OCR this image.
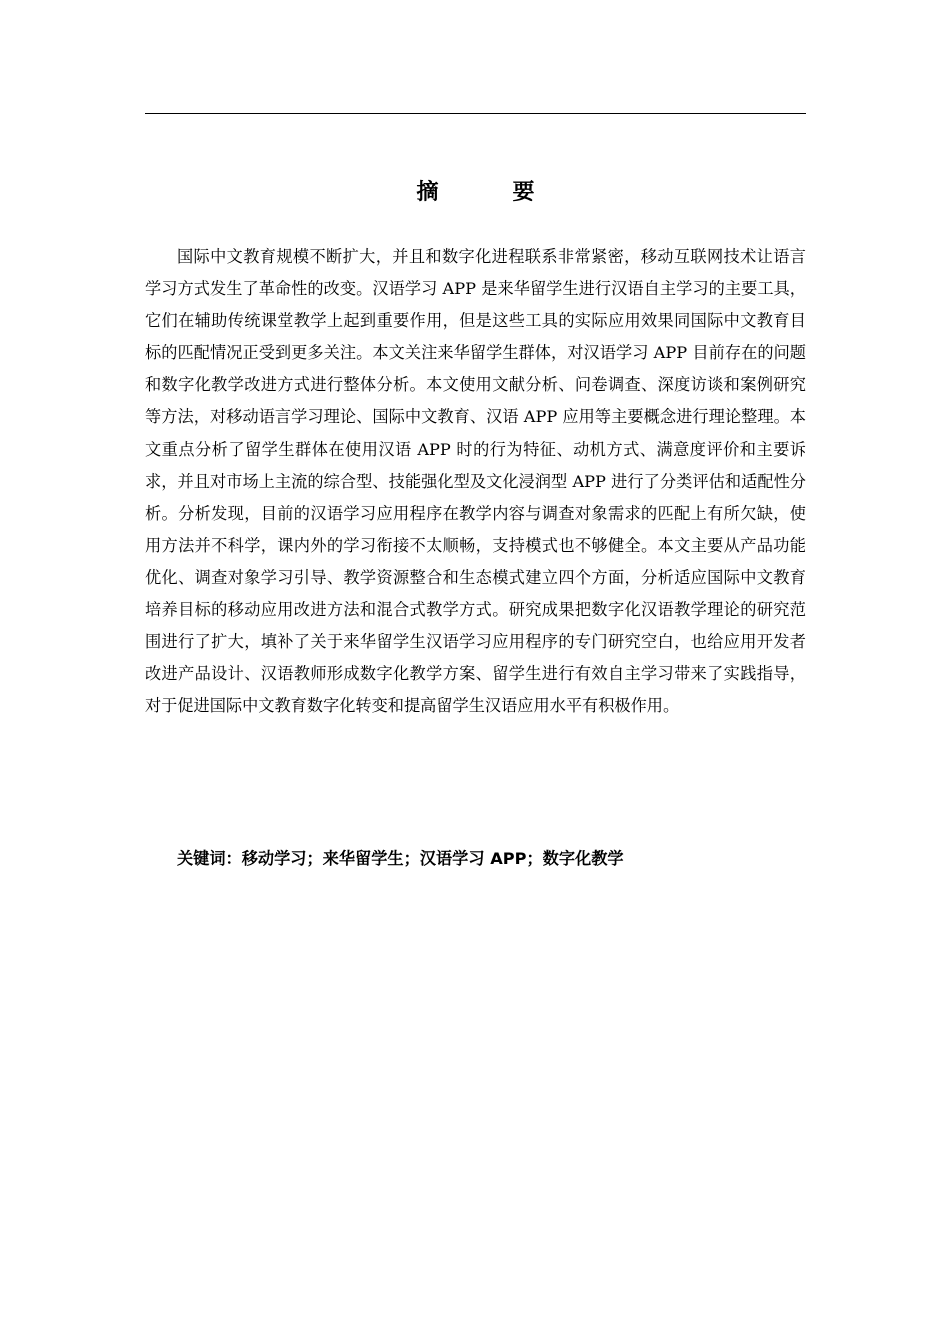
摘　要

国际中文教育规模不断扩大，并且和数字化进程联系非常紧密，移动互联网技术让语言学习方式发生了革命性的改变。汉语学习 APP 是来华留学生进行汉语自主学习的主要工具，它们在辅助传统课堂教学上起到重要作用，但是这些工具的实际应用效果同国际中文教育目标的匹配情况正受到更多关注。本文关注来华留学生群体，对汉语学习 APP 目前存在的问题和数字化教学改进方式进行整体分析。本文使用文献分析、问卷调查、深度访谈和案例研究等方法，对移动语言学习理论、国际中文教育、汉语 APP 应用等主要概念进行理论整理。本文重点分析了留学生群体在使用汉语 APP 时的行为特征、动机方式、满意度评价和主要诉求，并且对市场上主流的综合型、技能强化型及文化浸润型 APP 进行了分类评估和适配性分析。分析发现，目前的汉语学习应用程序在教学内容与调查对象需求的匹配上有所欠缺，使用方法并不科学，课内外的学习衔接不太顺畅，支持模式也不够健全。本文主要从产品功能优化、调查对象学习引导、教学资源整合和生态模式建立四个方面，分析适应国际中文教育培养目标的移动应用改进方法和混合式教学方式。研究成果把数字化汉语教学理论的研究范围进行了扩大，填补了关于来华留学生汉语学习应用程序的专门研究空白，也给应用开发者改进产品设计、汉语教师形成数字化教学方案、留学生进行有效自主学习带来了实践指导，对于促进国际中文教育数字化转变和提高留学生汉语应用水平有积极作用。

关键词：移动学习；来华留学生；汉语学习 APP；数字化教学
